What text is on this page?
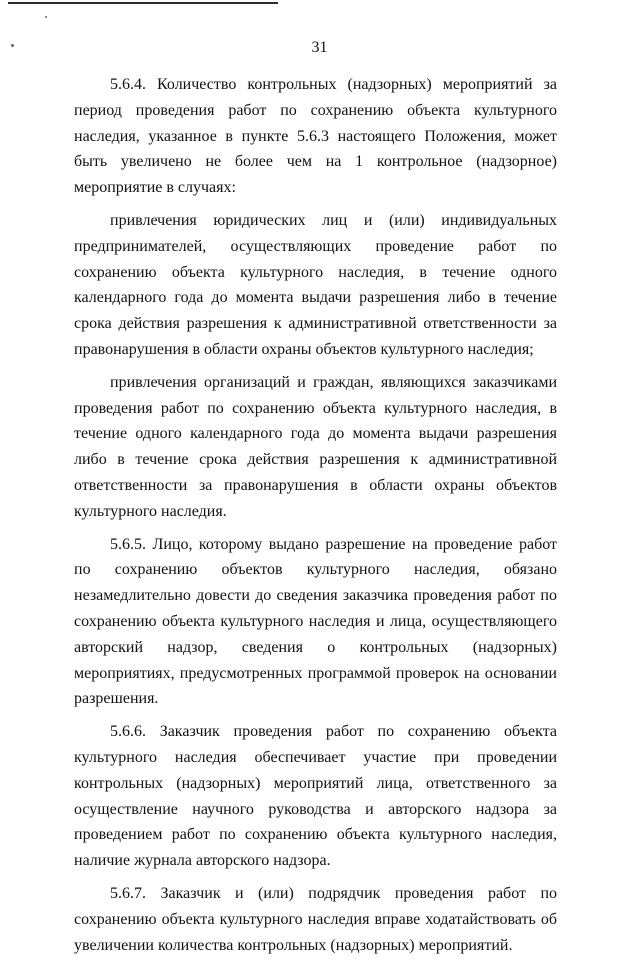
31

5.6.4. Количество контрольных (надзорных) мероприятий за период проведения работ по сохранению объекта культурного наследия, указанное в пункте 5.6.3 настоящего Положения, может быть увеличено не более чем на 1 контрольное (надзорное) мероприятие в случаях:

привлечения юридических лиц и (или) индивидуальных предпринимателей, осуществляющих проведение работ по сохранению объекта культурного наследия, в течение одного календарного года до момента выдачи разрешения либо в течение срока действия разрешения к административной ответственности за правонарушения в области охраны объектов культурного наследия;

привлечения организаций и граждан, являющихся заказчиками проведения работ по сохранению объекта культурного наследия, в течение одного календарного года до момента выдачи разрешения либо в течение срока действия разрешения к административной ответственности за правонарушения в области охраны объектов культурного наследия.

5.6.5. Лицо, которому выдано разрешение на проведение работ по сохранению объектов культурного наследия, обязано незамедлительно довести до сведения заказчика проведения работ по сохранению объекта культурного наследия и лица, осуществляющего авторский надзор, сведения о контрольных (надзорных) мероприятиях, предусмотренных программой проверок на основании разрешения.

5.6.6. Заказчик проведения работ по сохранению объекта культурного наследия обеспечивает участие при проведении контрольных (надзорных) мероприятий лица, ответственного за осуществление научного руководства и авторского надзора за проведением работ по сохранению объекта культурного наследия, наличие журнала авторского надзора.

5.6.7. Заказчик и (или) подрядчик проведения работ по сохранению объекта культурного наследия вправе ходатайствовать об увеличении количества контрольных (надзорных) мероприятий.
